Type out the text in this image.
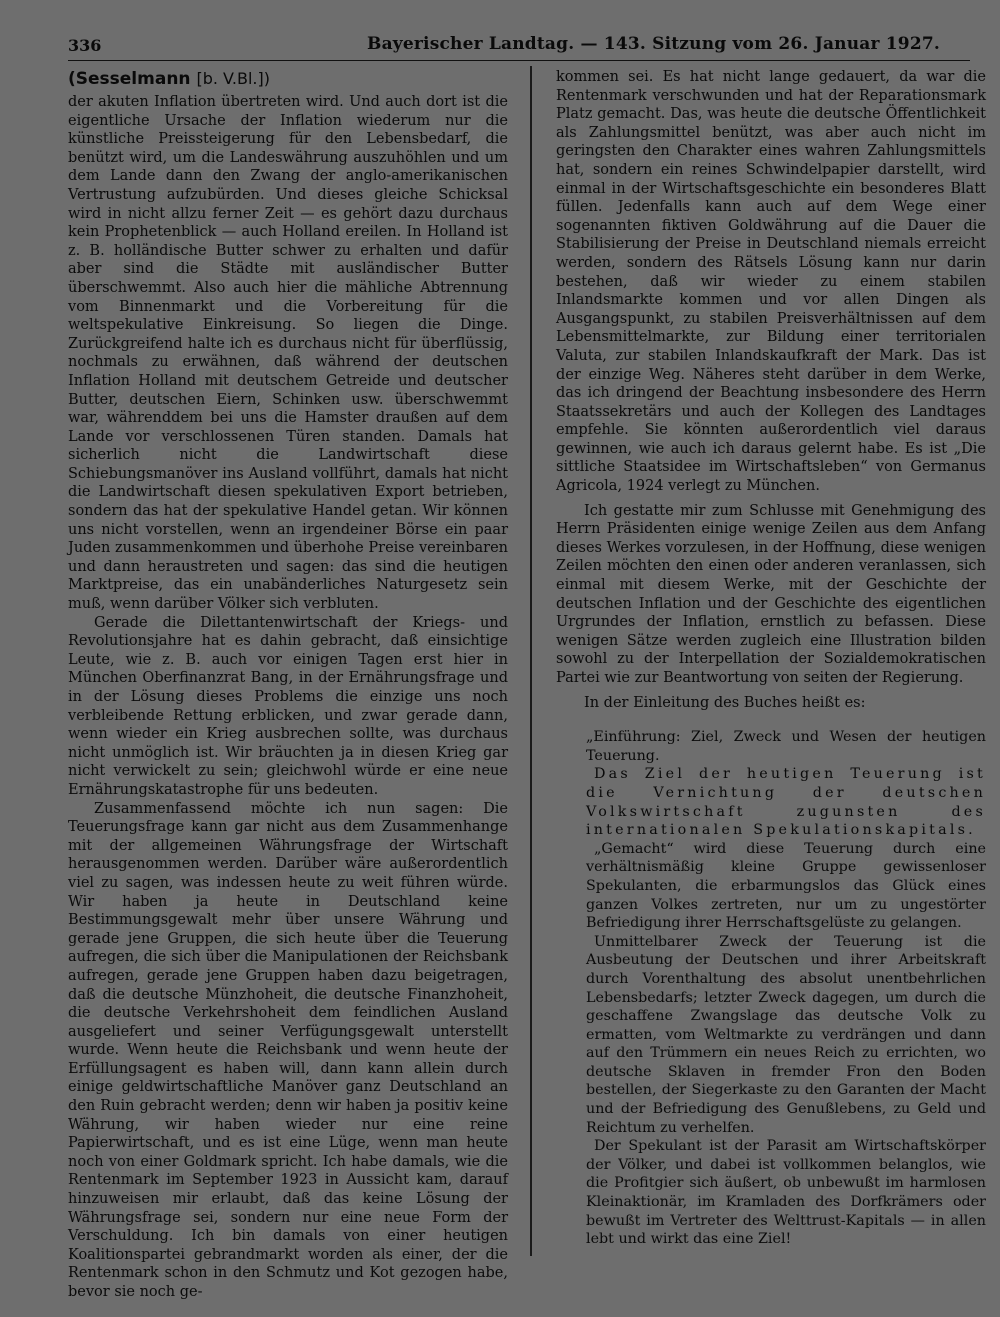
336	Bayerischer Landtag. — 143. Sitzung vom 26. Januar 1927.
(Sesselmann [b. V.Bl.])

der akuten Inflation übertreten wird. Und auch dort ist die eigentliche Ursache der Inflation wiederum nur die künstliche Preissteigerung für den Lebensbedarf, die benützt wird, um die Landeswährung auszuhöhlen und um dem Lande dann den Zwang der anglo-amerikanischen Vertrustung aufzubürden. Und dieses gleiche Schicksal wird in nicht allzu ferner Zeit — es gehört dazu durchaus kein Prophetenblick — auch Holland ereilen. In Holland ist z. B. holländische Butter schwer zu erhalten und dafür aber sind die Städte mit ausländischer Butter überschwemmt. Also auch hier die mähliche Abtrennung vom Binnenmarkt und die Vorbereitung für die weltspekulative Einkreisung. So liegen die Dinge. Zurückgreifend halte ich es durchaus nicht für überflüssig, nochmals zu erwähnen, daß während der deutschen Inflation Holland mit deutschem Getreide und deutscher Butter, deutschen Eiern, Schinken usw. überschwemmt war, währenddem bei uns die Hamster draußen auf dem Lande vor verschlossenen Türen standen. Damals hat sicherlich nicht die Landwirtschaft diese Schiebungsmanöver ins Ausland vollführt, damals hat nicht die Landwirtschaft diesen spekulativen Export betrieben, sondern das hat der spekulative Handel getan. Wir können uns nicht vorstellen, wenn an irgendeiner Börse ein paar Juden zusammenkommen und überhohe Preise vereinbaren und dann heraustreten und sagen: das sind die heutigen Marktpreise, das ein unabänderliches Naturgesetz sein muß, wenn darüber Völker sich verbluten.

Gerade die Dilettantenwirtschaft der Kriegs- und Revolutionsjahre hat es dahin gebracht, daß einsichtige Leute, wie z. B. auch vor einigen Tagen erst hier in München Oberfinanzrat Bang, in der Ernährungsfrage und in der Lösung dieses Problems die einzige uns noch verbleibende Rettung erblicken, und zwar gerade dann, wenn wieder ein Krieg ausbrechen sollte, was durchaus nicht unmöglich ist. Wir bräuchten ja in diesen Krieg gar nicht verwickelt zu sein; gleichwohl würde er eine neue Ernährungskatastrophe für uns bedeuten.

Zusammenfassend möchte ich nun sagen: Die Teuerungsfrage kann gar nicht aus dem Zusammenhange mit der allgemeinen Währungsfrage der Wirtschaft herausgenommen werden. Darüber wäre außerordentlich viel zu sagen, was indessen heute zu weit führen würde. Wir haben ja heute in Deutschland keine Bestimmungsgewalt mehr über unsere Währung und gerade jene Gruppen, die sich heute über die Teuerung aufregen, die sich über die Manipulationen der Reichsbank aufregen, gerade jene Gruppen haben dazu beigetragen, daß die deutsche Münzhoheit, die deutsche Finanzhoheit, die deutsche Verkehrshoheit dem feindlichen Ausland ausgeliefert und seiner Verfügungsgewalt unterstellt wurde. Wenn heute die Reichsbank und wenn heute der Erfüllungsagent es haben will, dann kann allein durch einige geldwirtschaftliche Manöver ganz Deutschland an den Ruin gebracht werden; denn wir haben ja positiv keine Währung, wir haben wieder nur eine reine Papierwirtschaft, und es ist eine Lüge, wenn man heute noch von einer Goldmark spricht. Ich habe damals, wie die Rentenmark im September 1923 in Aussicht kam, darauf hinzuweisen mir erlaubt, daß das keine Lösung der Währungsfrage sei, sondern nur eine neue Form der Verschuldung. Ich bin damals von einer heutigen Koalitionspartei gebrandmarkt worden als einer, der die Rentenmark schon in den Schmutz und Kot gezogen habe, bevor sie noch ge-

kommen sei. Es hat nicht lange gedauert, da war die Rentenmark verschwunden und hat der Reparationsmark Platz gemacht. Das, was heute die deutsche Öffentlichkeit als Zahlungsmittel benützt, was aber auch nicht im geringsten den Charakter eines wahren Zahlungsmittels hat, sondern ein reines Schwindelpapier darstellt, wird einmal in der Wirtschaftsgeschichte ein besonderes Blatt füllen. Jedenfalls kann auch auf dem Wege einer sogenannten fiktiven Goldwährung auf die Dauer die Stabilisierung der Preise in Deutschland niemals erreicht werden, sondern des Rätsels Lösung kann nur darin bestehen, daß wir wieder zu einem stabilen Inlandsmarkte kommen und vor allen Dingen als Ausgangspunkt, zu stabilen Preisverhältnissen auf dem Lebensmittelmarkte, zur Bildung einer territorialen Valuta, zur stabilen Inlandskaufkraft der Mark. Das ist der einzige Weg. Näheres steht darüber in dem Werke, das ich dringend der Beachtung insbesondere des Herrn Staatssekretärs und auch der Kollegen des Landtages empfehle. Sie könnten außerordentlich viel daraus gewinnen, wie auch ich daraus gelernt habe. Es ist „Die sittliche Staatsidee im Wirtschaftsleben“ von Germanus Agricola, 1924 verlegt zu München.

Ich gestatte mir zum Schlusse mit Genehmigung des Herrn Präsidenten einige wenige Zeilen aus dem Anfang dieses Werkes vorzulesen, in der Hoffnung, diese wenigen Zeilen möchten den einen oder anderen veranlassen, sich einmal mit diesem Werke, mit der Geschichte der deutschen Inflation und der Geschichte des eigentlichen Urgrundes der Inflation, ernstlich zu befassen. Diese wenigen Sätze werden zugleich eine Illustration bilden sowohl zu der Interpellation der Sozialdemokratischen Partei wie zur Beantwortung von seiten der Regierung.

In der Einleitung des Buches heißt es:

„Einführung: Ziel, Zweck und Wesen der heutigen Teuerung.

Das Ziel der heutigen Teuerung ist die Vernichtung der deutschen Volkswirtschaft zugunsten des internationalen Spekulationskapitals.

„Gemacht“ wird diese Teuerung durch eine verhältnismäßig kleine Gruppe gewissenloser Spekulanten, die erbarmungslos das Glück eines ganzen Volkes zertreten, nur um zu ungestörter Befriedigung ihrer Herrschaftsgelüste zu gelangen.

Unmittelbarer Zweck der Teuerung ist die Ausbeutung der Deutschen und ihrer Arbeitskraft durch Vorenthaltung des absolut unentbehrlichen Lebensbedarfs; letzter Zweck dagegen, um durch die geschaffene Zwangslage das deutsche Volk zu ermatten, vom Weltmarkte zu verdrängen und dann auf den Trümmern ein neues Reich zu errichten, wo deutsche Sklaven in fremder Fron den Boden bestellen, der Siegerkaste zu den Garanten der Macht und der Befriedigung des Genußlebens, zu Geld und Reichtum zu verhelfen.

Der Spekulant ist der Parasit am Wirtschaftskörper der Völker, und dabei ist vollkommen belanglos, wie die Profitgier sich äußert, ob unbewußt im harmlosen Kleinaktionär, im Kramladen des Dorfkrämers oder bewußt im Vertreter des Welttrust-Kapitals — in allen lebt und wirkt das eine Ziel!
